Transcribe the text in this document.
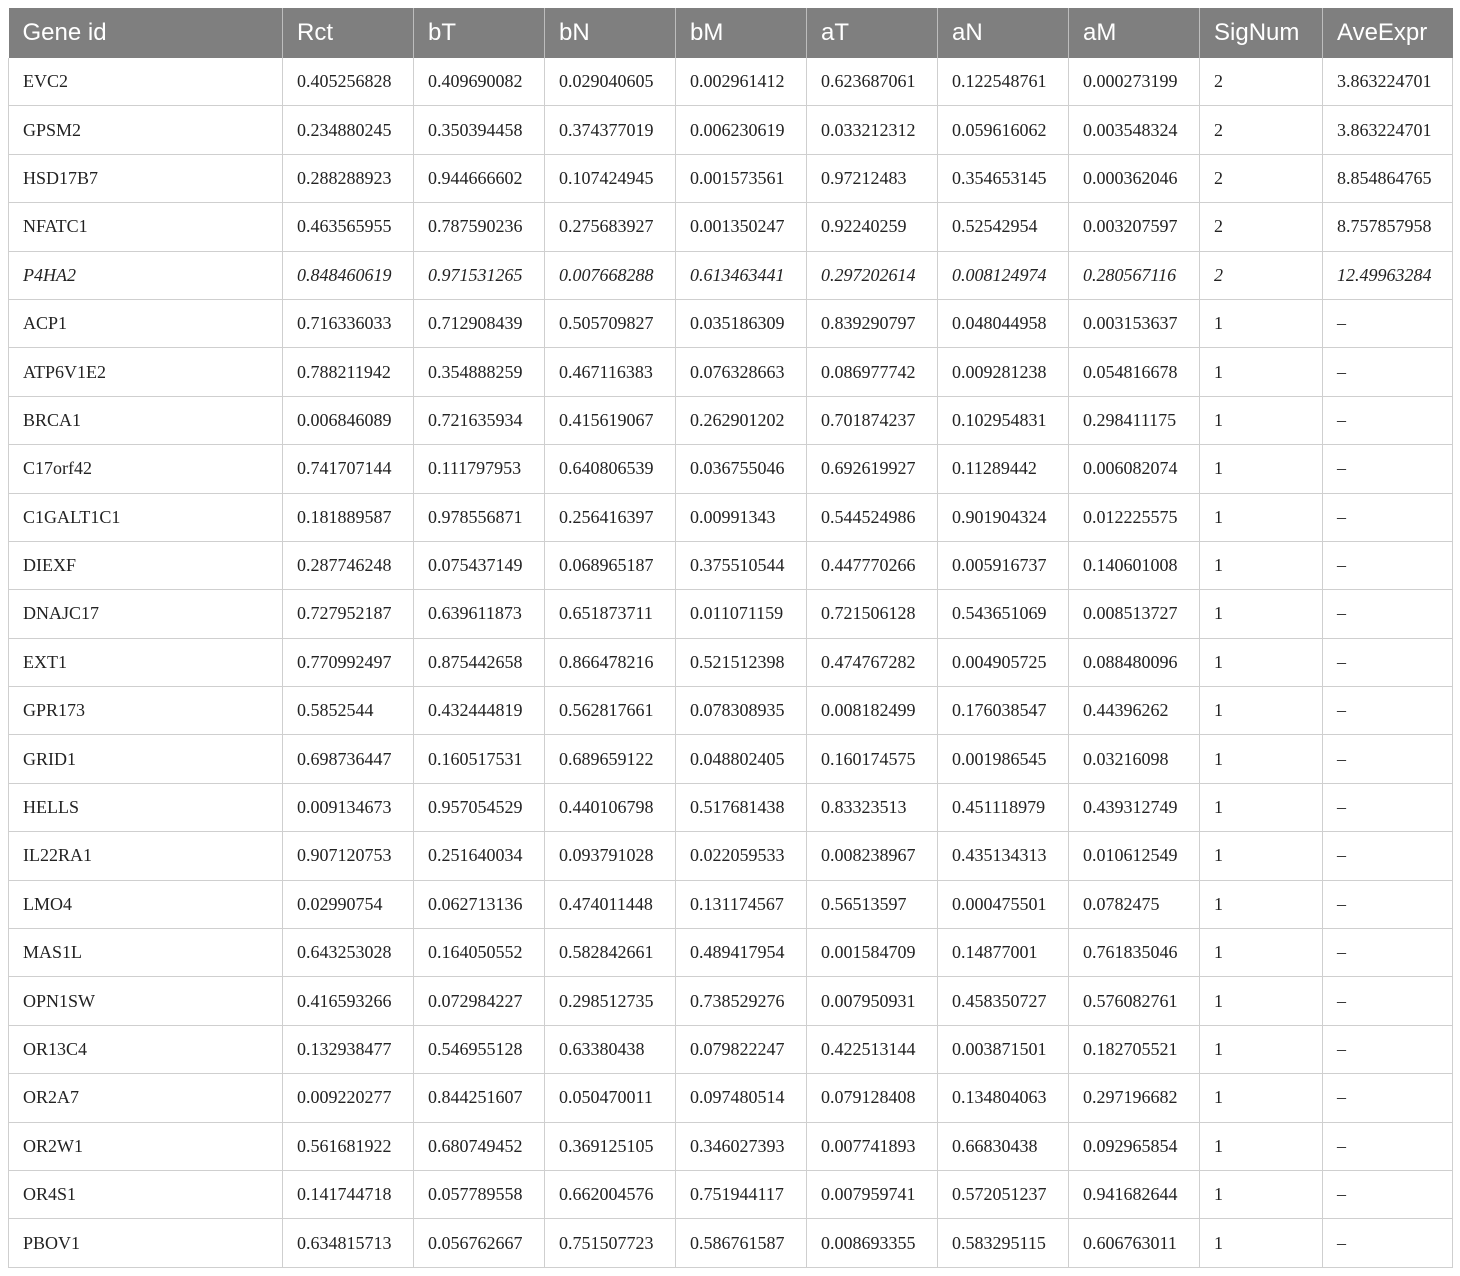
Gene id	Rct	bT	bN	bM	aT	aN	aM	SigNum	AveExpr
EVC2	0.405256828	0.409690082	0.029040605	0.002961412	0.623687061	0.122548761	0.000273199	2	3.863224701
GPSM2	0.234880245	0.350394458	0.374377019	0.006230619	0.033212312	0.059616062	0.003548324	2	3.863224701
HSD17B7	0.288288923	0.944666602	0.107424945	0.001573561	0.97212483	0.354653145	0.000362046	2	8.854864765
NFATC1	0.463565955	0.787590236	0.275683927	0.001350247	0.92240259	0.52542954	0.003207597	2	8.757857958
P4HA2	0.848460619	0.971531265	0.007668288	0.613463441	0.297202614	0.008124974	0.280567116	2	12.49963284
ACP1	0.716336033	0.712908439	0.505709827	0.035186309	0.839290797	0.048044958	0.003153637	1	–
ATP6V1E2	0.788211942	0.354888259	0.467116383	0.076328663	0.086977742	0.009281238	0.054816678	1	–
BRCA1	0.006846089	0.721635934	0.415619067	0.262901202	0.701874237	0.102954831	0.298411175	1	–
C17orf42	0.741707144	0.111797953	0.640806539	0.036755046	0.692619927	0.11289442	0.006082074	1	–
C1GALT1C1	0.181889587	0.978556871	0.256416397	0.00991343	0.544524986	0.901904324	0.012225575	1	–
DIEXF	0.287746248	0.075437149	0.068965187	0.375510544	0.447770266	0.005916737	0.140601008	1	–
DNAJC17	0.727952187	0.639611873	0.651873711	0.011071159	0.721506128	0.543651069	0.008513727	1	–
EXT1	0.770992497	0.875442658	0.866478216	0.521512398	0.474767282	0.004905725	0.088480096	1	–
GPR173	0.5852544	0.432444819	0.562817661	0.078308935	0.008182499	0.176038547	0.44396262	1	–
GRID1	0.698736447	0.160517531	0.689659122	0.048802405	0.160174575	0.001986545	0.03216098	1	–
HELLS	0.009134673	0.957054529	0.440106798	0.517681438	0.83323513	0.451118979	0.439312749	1	–
IL22RA1	0.907120753	0.251640034	0.093791028	0.022059533	0.008238967	0.435134313	0.010612549	1	–
LMO4	0.02990754	0.062713136	0.474011448	0.131174567	0.56513597	0.000475501	0.0782475	1	–
MAS1L	0.643253028	0.164050552	0.582842661	0.489417954	0.001584709	0.14877001	0.761835046	1	–
OPN1SW	0.416593266	0.072984227	0.298512735	0.738529276	0.007950931	0.458350727	0.576082761	1	–
OR13C4	0.132938477	0.546955128	0.63380438	0.079822247	0.422513144	0.003871501	0.182705521	1	–
OR2A7	0.009220277	0.844251607	0.050470011	0.097480514	0.079128408	0.134804063	0.297196682	1	–
OR2W1	0.561681922	0.680749452	0.369125105	0.346027393	0.007741893	0.66830438	0.092965854	1	–
OR4S1	0.141744718	0.057789558	0.662004576	0.751944117	0.007959741	0.572051237	0.941682644	1	–
PBOV1	0.634815713	0.056762667	0.751507723	0.586761587	0.008693355	0.583295115	0.606763011	1	–
